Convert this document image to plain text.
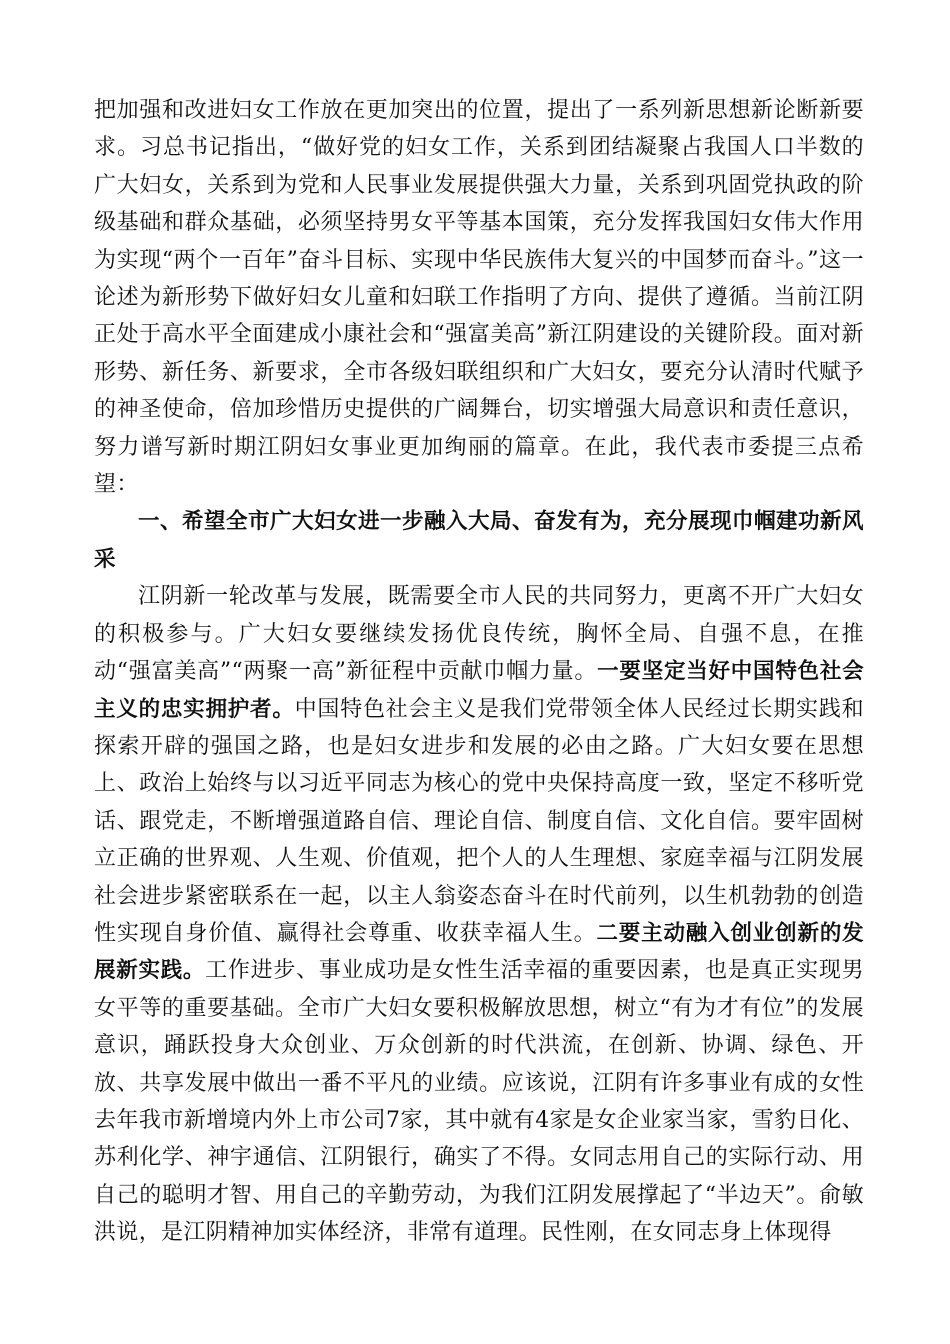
把加强和改进妇女工作放在更加突出的位置，提出了一系列新思想新论断新要求。习总书记指出，“做好党的妇女工作，关系到团结凝聚占我国人口半数的广大妇女，关系到为党和人民事业发展提供强大力量，关系到巩固党执政的阶级基础和群众基础，必须坚持男女平等基本国策，充分发挥我国妇女伟大作用为实现“两个一百年”奋斗目标、实现中华民族伟大复兴的中国梦而奋斗。”这一论述为新形势下做好妇女儿童和妇联工作指明了方向、提供了遵循。当前江阴正处于高水平全面建成小康社会和“强富美高”新江阴建设的关键阶段。面对新形势、新任务、新要求，全市各级妇联组织和广大妇女，要充分认清时代赋予的神圣使命，倍加珍惜历史提供的广阔舞台，切实增强大局意识和责任意识，努力谱写新时期江阴妇女事业更加绚丽的篇章。在此，我代表市委提三点希望：

一、希望全市广大妇女进一步融入大局、奋发有为，充分展现巾帼建功新风采

江阴新一轮改革与发展，既需要全市人民的共同努力，更离不开广大妇女的积极参与。广大妇女要继续发扬优良传统，胸怀全局、自强不息，在推动“强富美高”“两聚一高”新征程中贡献巾帼力量。一要坚定当好中国特色社会主义的忠实拥护者。中国特色社会主义是我们党带领全体人民经过长期实践和探索开辟的强国之路，也是妇女进步和发展的必由之路。广大妇女要在思想上、政治上始终与以习近平同志为核心的党中央保持高度一致，坚定不移听党话、跟党走，不断增强道路自信、理论自信、制度自信、文化自信。要牢固树立正确的世界观、人生观、价值观，把个人的人生理想、家庭幸福与江阴发展社会进步紧密联系在一起，以主人翁姿态奋斗在时代前列，以生机勃勃的创造性实现自身价值、赢得社会尊重、收获幸福人生。二要主动融入创业创新的发展新实践。工作进步、事业成功是女性生活幸福的重要因素，也是真正实现男女平等的重要基础。全市广大妇女要积极解放思想，树立“有为才有位”的发展意识，踊跃投身大众创业、万众创新的时代洪流，在创新、协调、绿色、开放、共享发展中做出一番不平凡的业绩。应该说，江阴有许多事业有成的女性去年我市新增境内外上市公司7家，其中就有4家是女企业家当家，雪豹日化、苏利化学、神宇通信、江阴银行，确实了不得。女同志用自己的实际行动、用自己的聪明才智、用自己的辛勤劳动，为我们江阴发展撑起了“半边天”。俞敏洪说，是江阴精神加实体经济，非常有道理。民性刚，在女同志身上体现得
